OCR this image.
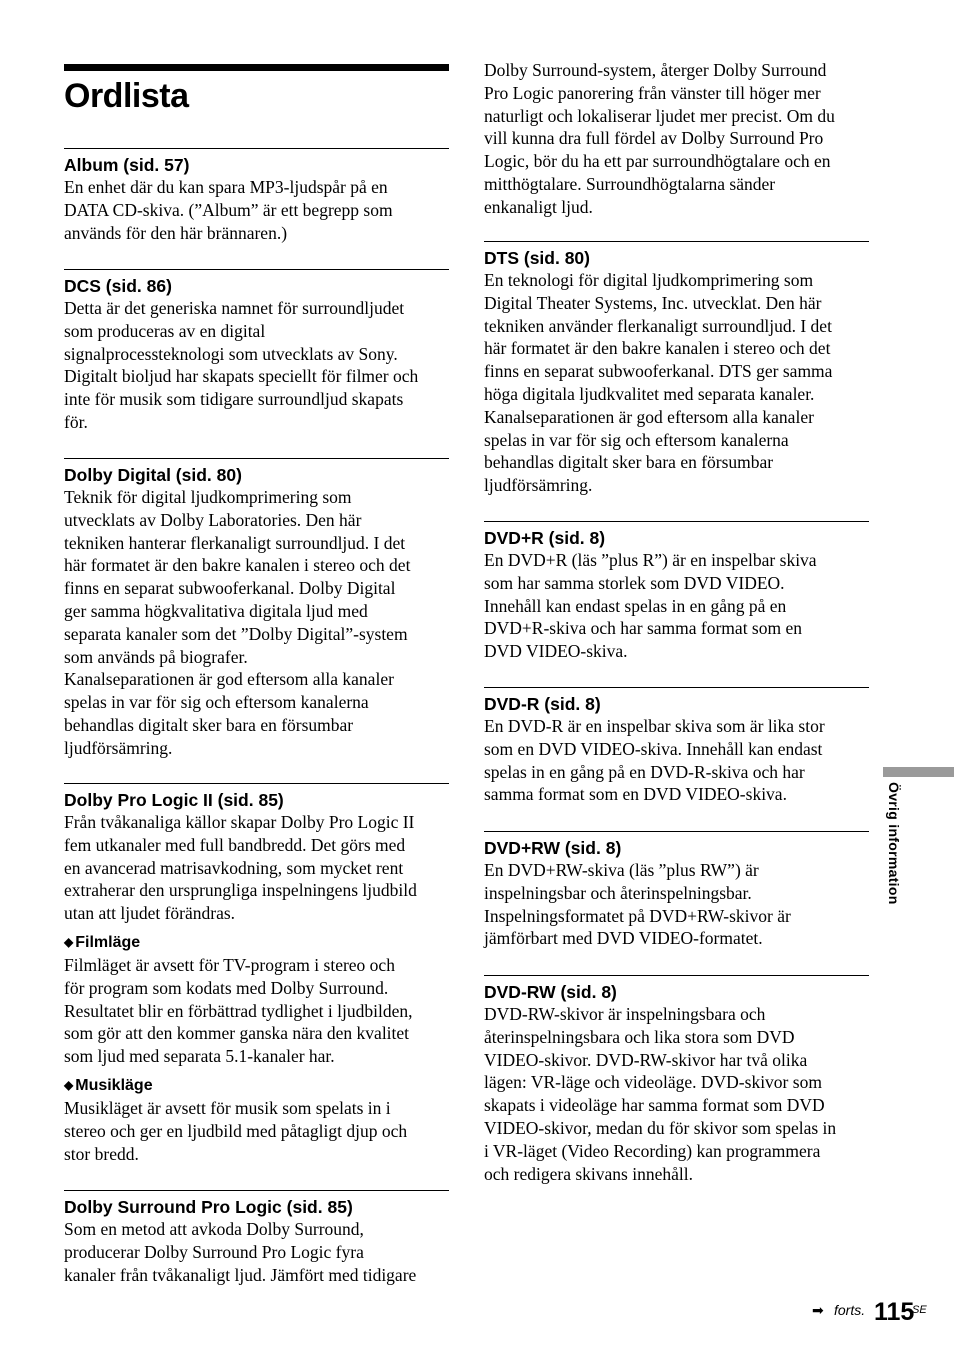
Ordlista
Album (sid. 57)

En enhet där du kan spara MP3-ljudspår på en

DATA CD-skiva. (”Album” är ett begrepp som

används för den här brännaren.)

DCS (sid. 86)

Detta är det generiska namnet för surroundljudet

som produceras av en digital

signalprocessteknologi som utvecklats av Sony.

Digitalt bioljud har skapats speciellt för filmer och

inte för musik som tidigare surroundljud skapats

för.

Dolby Digital (sid. 80)

Teknik för digital ljudkomprimering som

utvecklats av Dolby Laboratories. Den här

tekniken hanterar flerkanaligt surroundljud. I det

här formatet är den bakre kanalen i stereo och det

finns en separat subwooferkanal. Dolby Digital

ger samma högkvalitativa digitala ljud med

separata kanaler som det ”Dolby Digital”-system

som används på biografer.

Kanalseparationen är god eftersom alla kanaler

spelas in var för sig och eftersom kanalerna

behandlas digitalt sker bara en försumbar

ljudförsämring.

Dolby Pro Logic II (sid. 85)

Från tvåkanaliga källor skapar Dolby Pro Logic II

fem utkanaler med full bandbredd. Det görs med

en avancerad matrisavkodning, som mycket rent

extraherar den ursprungliga inspelningens ljudbild

utan att ljudet förändras.

◆ Filmläge

Filmläget är avsett för TV-program i stereo och

för program som kodats med Dolby Surround.

Resultatet blir en förbättrad tydlighet i ljudbilden,

som gör att den kommer ganska nära den kvalitet

som ljud med separata 5.1-kanaler har.

◆ Musikläge

Musikläget är avsett för musik som spelats in i

stereo och ger en ljudbild med påtagligt djup och

stor bredd.

Dolby Surround Pro Logic (sid. 85)

Som en metod att avkoda Dolby Surround,

producerar Dolby Surround Pro Logic fyra

kanaler från tvåkanaligt ljud. Jämfört med tidigare

Dolby Surround-system, återger Dolby Surround

Pro Logic panorering från vänster till höger mer

naturligt och lokaliserar ljudet mer precist. Om du

vill kunna dra full fördel av Dolby Surround Pro

Logic, bör du ha ett par surroundhögtalare och en

mitthögtalare. Surroundhögtalarna sänder

enkanaligt ljud.

DTS (sid. 80)

En teknologi för digital ljudkomprimering som

Digital Theater Systems, Inc. utvecklat. Den här

tekniken använder flerkanaligt surroundljud. I det

här formatet är den bakre kanalen i stereo och det

finns en separat subwooferkanal. DTS ger samma

höga digitala ljudkvalitet med separata kanaler.

Kanalseparationen är god eftersom alla kanaler

spelas in var för sig och eftersom kanalerna

behandlas digitalt sker bara en försumbar

ljudförsämring.

DVD+R (sid. 8)

En DVD+R (läs ”plus R”) är en inspelbar skiva

som har samma storlek som DVD VIDEO.

Innehåll kan endast spelas in en gång på en

DVD+R-skiva och har samma format som en

DVD VIDEO-skiva.

DVD-R (sid. 8)

En DVD-R är en inspelbar skiva som är lika stor

som en DVD VIDEO-skiva. Innehåll kan endast

spelas in en gång på en DVD-R-skiva och har

samma format som en DVD VIDEO-skiva.

DVD+RW (sid. 8)

En DVD+RW-skiva (läs ”plus RW”) är

inspelningsbar och återinspelningsbar.

Inspelningsformatet på DVD+RW-skivor är

jämförbart med DVD VIDEO-formatet.

DVD-RW (sid. 8)

DVD-RW-skivor är inspelningsbara och

återinspelningsbara och lika stora som DVD

VIDEO-skivor. DVD-RW-skivor har två olika

lägen: VR-läge och videoläge. DVD-skivor som

skapats i videoläge har samma format som DVD

VIDEO-skivor, medan du för skivor som spelas in

i VR-läget (Video Recording) kan programmera

och redigera skivans innehåll.

Övrig information
➡ forts. 115
SE
